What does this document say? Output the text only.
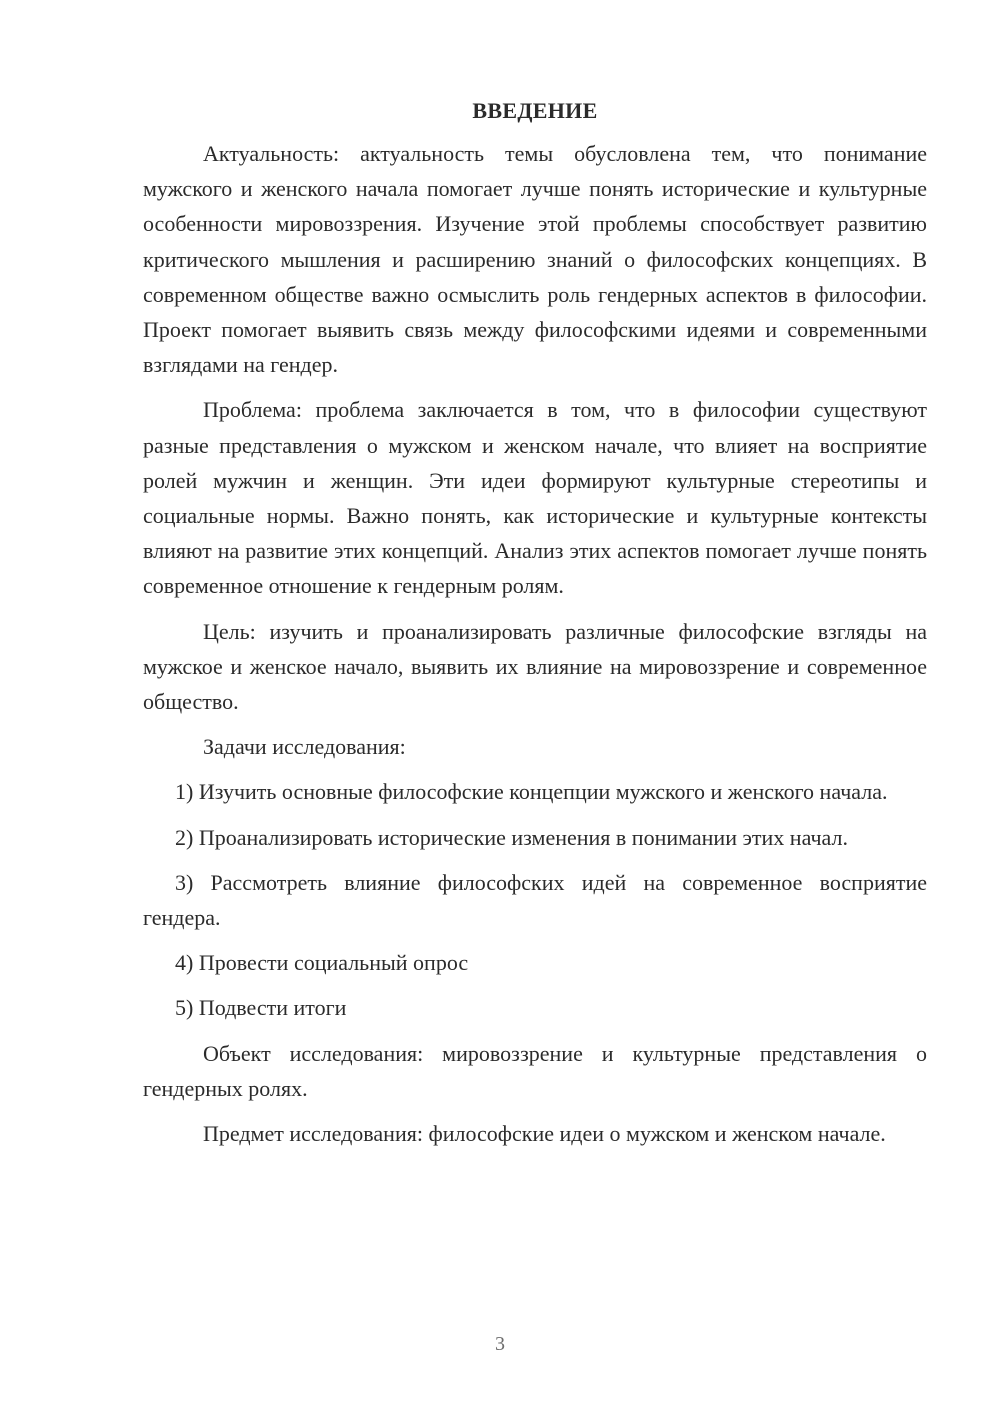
ВВЕДЕНИЕ
Актуальность: актуальность темы обусловлена тем, что понимание мужского и женского начала помогает лучше понять исторические и культурные особенности мировоззрения. Изучение этой проблемы способствует развитию критического мышления и расширению знаний о философских концепциях. В современном обществе важно осмыслить роль гендерных аспектов в философии. Проект помогает выявить связь между философскими идеями и современными взглядами на гендер.
Проблема: проблема заключается в том, что в философии существуют разные представления о мужском и женском начале, что влияет на восприятие ролей мужчин и женщин. Эти идеи формируют культурные стереотипы и социальные нормы. Важно понять, как исторические и культурные контексты влияют на развитие этих концепций. Анализ этих аспектов помогает лучше понять современное отношение к гендерным ролям.
Цель: изучить и проанализировать различные философские взгляды на мужское и женское начало, выявить их влияние на мировоззрение и современное общество.
Задачи исследования:
1) Изучить основные философские концепции мужского и женского начала.
2) Проанализировать исторические изменения в понимании этих начал.
3) Рассмотреть влияние философских идей на современное восприятие гендера.
4) Провести социальный опрос
5) Подвести итоги
Объект исследования: мировоззрение и культурные представления о гендерных ролях.
Предмет исследования: философские идеи о мужском и женском начале.
3
